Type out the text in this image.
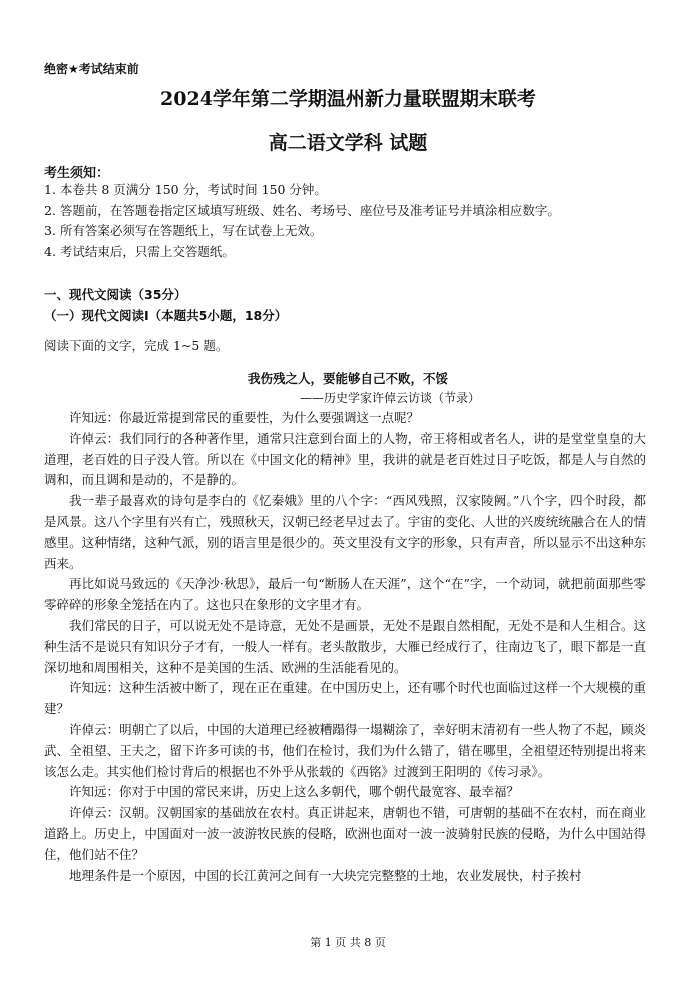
绝密★考试结束前
2024学年第二学期温州新力量联盟期末联考
高二语文学科 试题
考生须知：
1. 本卷共 8 页满分 150 分，考试时间 150 分钟。
2. 答题前，在答题卷指定区域填写班级、姓名、考场号、座位号及准考证号并填涂相应数字。
3. 所有答案必须写在答题纸上，写在试卷上无效。
4. 考试结束后，只需上交答题纸。
一、现代文阅读（35分）
（一）现代文阅读Ⅰ（本题共5小题，18分）
阅读下面的文字，完成 1~5 题。
我伤残之人，要能够自己不败，不馁
——历史学家许倬云访谈（节录）

许知远：你最近常提到常民的重要性，为什么要强调这一点呢？

许倬云：我们同行的各种著作里，通常只注意到台面上的人物，帝王将相或者名人，讲的是堂堂皇皇的大道理，老百姓的日子没人管。所以在《中国文化的精神》里，我讲的就是老百姓过日子吃饭，都是人与自然的调和，而且调和是动的，不是静的。

我一辈子最喜欢的诗句是李白的《忆秦娥》里的八个字：“西风残照，汉家陵阙。”八个字，四个时段，都是风景。这八个字里有兴有亡，残照秋天，汉朝已经老早过去了。宇宙的变化、人世的兴废统统融合在人的情感里。这种情绪，这种气派，别的语言里是很少的。英文里没有文字的形象，只有声音，所以显示不出这种东西来。

再比如说马致远的《天净沙·秋思》，最后一句“断肠人在天涯”，这个“在”字，一个动词，就把前面那些零零碎碎的形象全笼括在内了。这也只在象形的文字里才有。

我们常民的日子，可以说无处不是诗意，无处不是画景，无处不是跟自然相配，无处不是和人生相合。这种生活不是说只有知识分子才有，一般人一样有。老头散散步，大雁已经成行了，往南边飞了，眼下都是一直深切地和周围相关，这种不是美国的生活、欧洲的生活能看见的。

许知远：这种生活被中断了，现在正在重建。在中国历史上，还有哪个时代也面临过这样一个大规模的重建？

许倬云：明朝亡了以后，中国的大道理已经被糟蹋得一塌糊涂了，幸好明末清初有一些人物了不起，顾炎武、全祖望、王夫之，留下许多可读的书，他们在检讨，我们为什么错了，错在哪里，全祖望还特别提出将来该怎么走。其实他们检讨背后的根据也不外乎从张载的《西铭》过渡到王阳明的《传习录》。

许知远：你对于中国的常民来讲，历史上这么多朝代，哪个朝代最宽容、最幸福？

许倬云：汉朝。汉朝国家的基础放在农村。真正讲起来，唐朝也不错，可唐朝的基础不在农村，而在商业道路上。历史上，中国面对一波一波游牧民族的侵略，欧洲也面对一波一波骑射民族的侵略，为什么中国站得住，他们站不住？

地理条件是一个原因，中国的长江黄河之间有一大块完完整整的土地，农业发展快，村子挨村

第 1 页 共 8 页
